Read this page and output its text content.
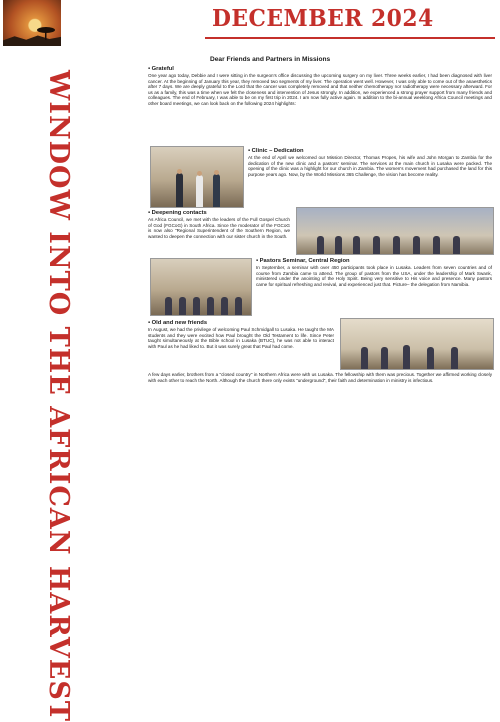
DECEMBER 2024
WINDOW INTO THE AFRICAN HARVEST
Dear Friends and Partners in Missions
▪ Grateful

One year ago today, Debbie and I were sitting in the surgeon's office discussing the upcoming surgery on my liver. Three weeks earlier, I had been diagnosed with liver cancer. At the beginning of January this year, they removed two segments of my liver. The operation went well. However, I was only able to come out of the anaesthetics after 7 days. We are deeply grateful to the Lord that the cancer was completely removed and that neither chemotherapy nor radiotherapy were necessary afterward. For us as a family, this was a time when we felt the closeness and intervention of Jesus strongly. In addition, we experienced a strong prayer support from many friends and colleagues. The end of February, I was able to be on my first trip in 2024. I am now fully active again. In addition to the bi-annual weeklong Africa Council meetings and other board meetings, we can look back on the following 2024 highlights:

▪ Clinic – Dedication

At the end of April we welcomed our Mission Director, Thomas Propes, his wife and John Morgan to Zambia for the dedication of the new clinic and a pastors' seminar. The services at the main church in Lusaka were packed. The opening of the clinic was a highlight for our church in Zambia. The women's movement had purchased the land for this purpose years ago. Now, by the World Missions 365 Challenge, the vision has become reality.

▪ Deepening contacts

As Africa Council, we met with the leaders of the Full Gospel Church of God (FGCoG) in South Africa. Since the moderator of the FGCoG is now also "Regional Superintendent of the Southern Region, we wanted to deepen the connection with our sister church in the South.

▪ Pastors Seminar, Central Region

In September, a seminar with over 450 participants took place in Lusaka. Leaders from seven countries and of course from Zambia came to attend. The group of pastors from the USA, under the leadership of Mark Swank, ministered under the anointing of the Holy Spirit. Being very sensitive to His voice and presence. Many pastors came for spiritual refreshing and revival, and experienced just that. Picture– the delegation from Namibia.

▪ Old and new friends

In August, we had the privilege of welcoming Paul Schmidgall to Lusaka. He taught the MA students and they were excited how Paul brought the Old Testament to life. Since Peter taught simultaneously at the Bible school in Lusaka (BTUC), he was not able to interact with Paul as he had liked to. But it was surely great that Paul had come.

A few days earlier, brothers from a "closed country" in Northern Africa were with us Lusaka. The fellowship with them was precious. Together we affirmed working closely with each other to reach the North. Although the church there only exists "underground", their faith and determination in ministry is infectious.
